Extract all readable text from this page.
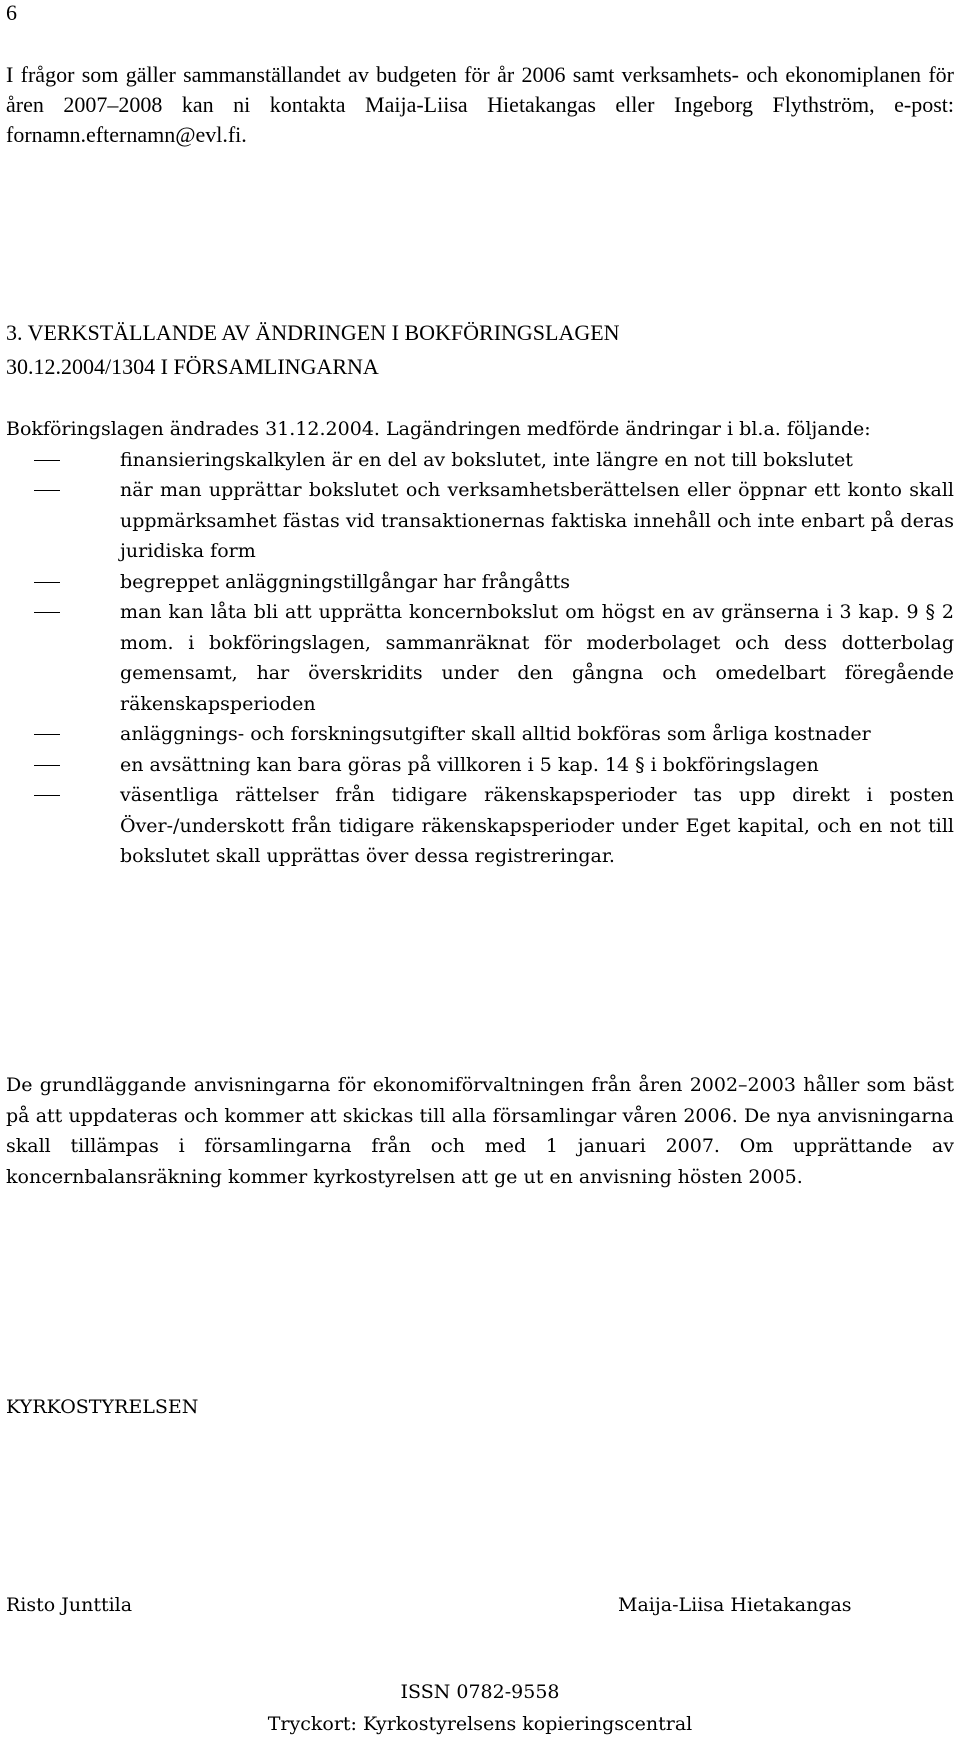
6

I frågor som gäller sammanställandet av budgeten för år 2006 samt verksamhets- och ekonomiplanen för åren 2007–2008 kan ni kontakta Maija-Liisa Hietakangas eller Ingeborg Flythström, e-post: fornamn.efternamn@evl.fi.

3. VERKSTÄLLANDE AV ÄNDRINGEN I BOKFÖRINGSLAGEN
30.12.2004/1304 I FÖRSAMLINGARNA

Bokföringslagen ändrades 31.12.2004. Lagändringen medförde ändringar i bl.a. följande:

finansieringskalkylen är en del av bokslutet, inte längre en not till bokslutet
när man upprättar bokslutet och verksamhetsberättelsen eller öppnar ett konto skall uppmärksamhet fästas vid transaktionernas faktiska innehåll och inte enbart på deras juridiska form
begreppet anläggningstillgångar har frångåtts
man kan låta bli att upprätta koncernbokslut om högst en av gränserna i 3 kap. 9 § 2 mom. i bokföringslagen, sammanräknat för moderbolaget och dess dotterbolag gemensamt, har överskridits under den gångna och omedelbart föregående räkenskapsperioden
anläggnings- och forskningsutgifter skall alltid bokföras som årliga kostnader
en avsättning kan bara göras på villkoren i 5 kap. 14 § i bokföringslagen
väsentliga rättelser från tidigare räkenskapsperioder tas upp direkt i posten Över-/underskott från tidigare räkenskapsperioder under Eget kapital, och en not till bokslutet skall upprättas över dessa registreringar.

De grundläggande anvisningarna för ekonomiförvaltningen från åren 2002–2003 håller som bäst på att uppdateras och kommer att skickas till alla församlingar våren 2006. De nya anvisningarna skall tillämpas i församlingarna från och med 1 januari 2007. Om upprättande av koncernbalansräkning kommer kyrkostyrelsen att ge ut en anvisning hösten 2005.

KYRKOSTYRELSEN
Risto Junttila	Maija-Liisa Hietakangas
ISSN 0782-9558
Tryckort: Kyrkostyrelsens kopieringscentral
